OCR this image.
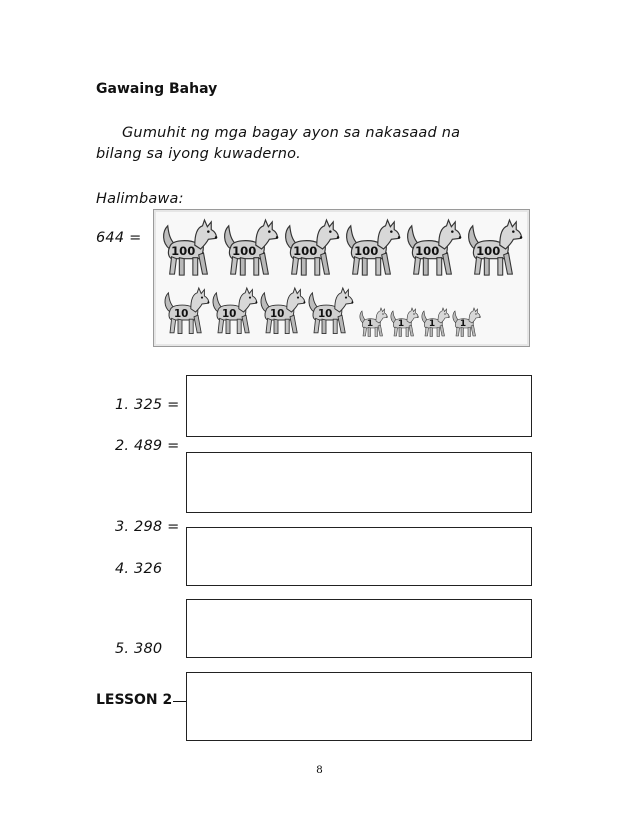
Gawaing Bahay
Gumuhit ng mga bagay ayon sa nakasaad na
bilang sa iyong kuwaderno.
Halimbawa:
644 =
100	100	100	100	100	100
10	10	10	10
1 1 1 1
1. 325 =
2. 489 =
3. 298 =
4. 326
5. 380
LESSON 2
8
